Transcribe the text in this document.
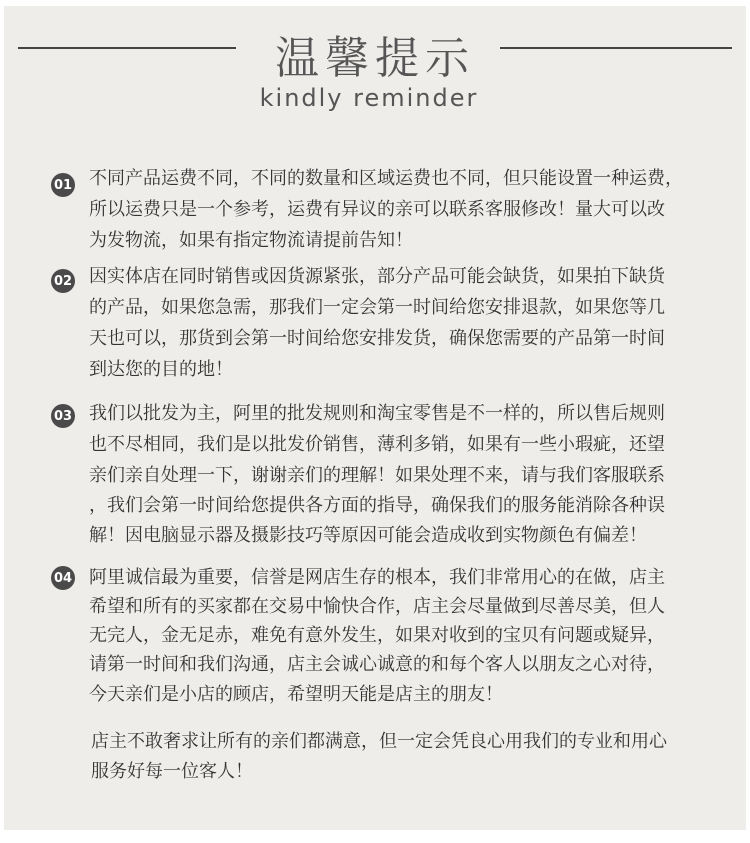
温馨提示
kindly reminder
01 不同产品运费不同，不同的数量和区域运费也不同，但只能设置一种运费，
所以运费只是一个参考，运费有异议的亲可以联系客服修改！量大可以改
为发物流，如果有指定物流请提前告知！
02 因实体店在同时销售或因货源紧张，部分产品可能会缺货，如果拍下缺货
的产品，如果您急需，那我们一定会第一时间给您安排退款，如果您等几
天也可以，那货到会第一时间给您安排发货，确保您需要的产品第一时间
到达您的目的地！
03 我们以批发为主，阿里的批发规则和淘宝零售是不一样的，所以售后规则
也不尽相同，我们是以批发价销售，薄利多销，如果有一些小瑕疵，还望
亲们亲自处理一下，谢谢亲们的理解！如果处理不来，请与我们客服联系
，我们会第一时间给您提供各方面的指导，确保我们的服务能消除各种误
解！因电脑显示器及摄影技巧等原因可能会造成收到实物颜色有偏差！
04 阿里诚信最为重要，信誉是网店生存的根本，我们非常用心的在做，店主
希望和所有的买家都在交易中愉快合作，店主会尽量做到尽善尽美，但人
无完人，金无足赤，难免有意外发生，如果对收到的宝贝有问题或疑异，
请第一时间和我们沟通，店主会诚心诚意的和每个客人以朋友之心对待，
今天亲们是小店的顾店，希望明天能是店主的朋友！
店主不敢奢求让所有的亲们都满意，但一定会凭良心用我们的专业和用心
服务好每一位客人！
